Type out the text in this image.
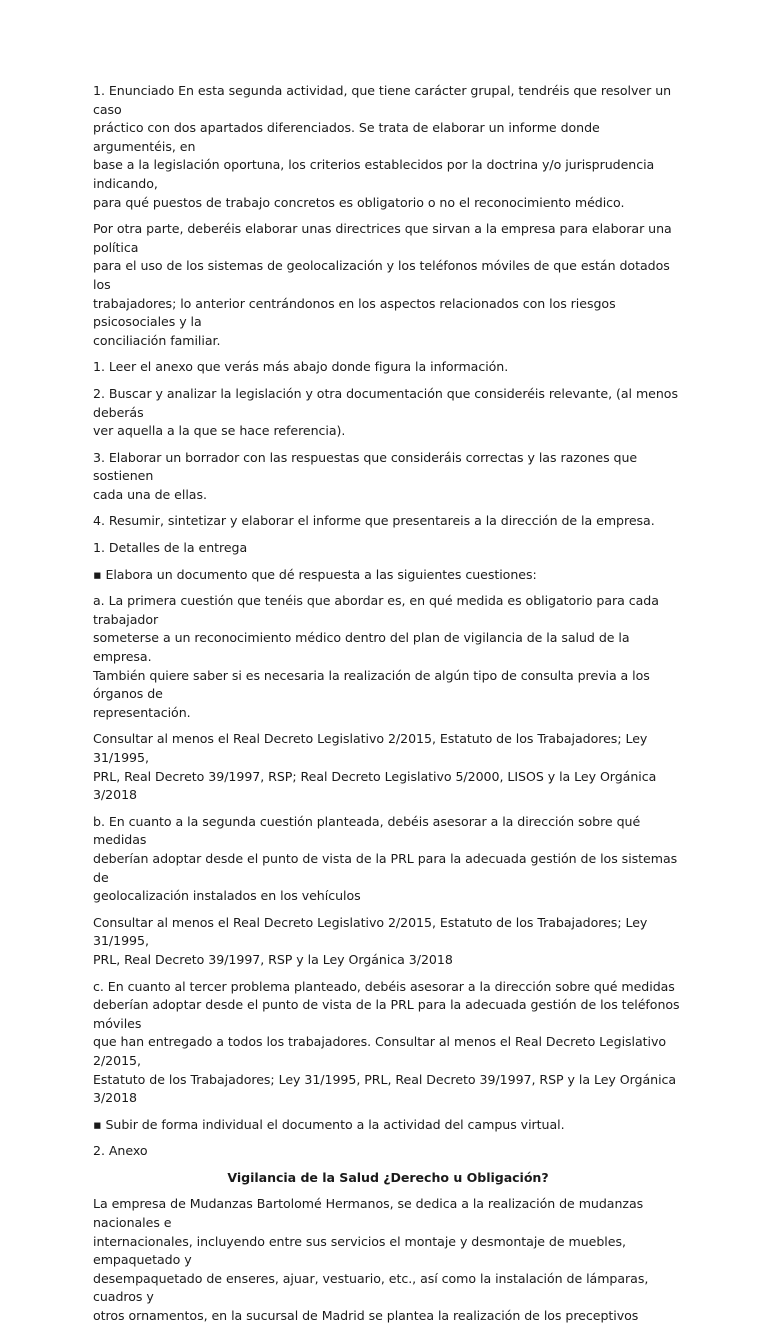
1. Enunciado En esta segunda actividad, que tiene carácter grupal, tendréis que resolver un caso
práctico con dos apartados diferenciados. Se trata de elaborar un informe donde argumentéis, en
base a la legislación oportuna, los criterios establecidos por la doctrina y/o jurisprudencia indicando,
para qué puestos de trabajo concretos es obligatorio o no el reconocimiento médico.

Por otra parte, deberéis elaborar unas directrices que sirvan a la empresa para elaborar una política
para el uso de los sistemas de geolocalización y los teléfonos móviles de que están dotados los
trabajadores; lo anterior centrándonos en los aspectos relacionados con los riesgos psicosociales y la
conciliación familiar.

1. Leer el anexo que verás más abajo donde figura la información.

2. Buscar y analizar la legislación y otra documentación que consideréis relevante, (al menos deberás
ver aquella a la que se hace referencia).

3. Elaborar un borrador con las respuestas que consideráis correctas y las razones que sostienen
cada una de ellas.

4. Resumir, sintetizar y elaborar el informe que presentareis a la dirección de la empresa.

1. Detalles de la entrega

▪ Elabora un documento que dé respuesta a las siguientes cuestiones:

a. La primera cuestión que tenéis que abordar es, en qué medida es obligatorio para cada trabajador
someterse a un reconocimiento médico dentro del plan de vigilancia de la salud de la empresa.
También quiere saber si es necesaria la realización de algún tipo de consulta previa a los órganos de
representación.

Consultar al menos el Real Decreto Legislativo 2/2015, Estatuto de los Trabajadores; Ley 31/1995,
PRL, Real Decreto 39/1997, RSP; Real Decreto Legislativo 5/2000, LISOS y la Ley Orgánica 3/2018

b. En cuanto a la segunda cuestión planteada, debéis asesorar a la dirección sobre qué medidas
deberían adoptar desde el punto de vista de la PRL para la adecuada gestión de los sistemas de
geolocalización instalados en los vehículos

Consultar al menos el Real Decreto Legislativo 2/2015, Estatuto de los Trabajadores; Ley 31/1995,
PRL, Real Decreto 39/1997, RSP y la Ley Orgánica 3/2018

c. En cuanto al tercer problema planteado, debéis asesorar a la dirección sobre qué medidas
deberían adoptar desde el punto de vista de la PRL para la adecuada gestión de los teléfonos móviles
que han entregado a todos los trabajadores. Consultar al menos el Real Decreto Legislativo 2/2015,
Estatuto de los Trabajadores; Ley 31/1995, PRL, Real Decreto 39/1997, RSP y la Ley Orgánica 3/2018

▪ Subir de forma individual el documento a la actividad del campus virtual.

2. Anexo

Vigilancia de la Salud ¿Derecho u Obligación?

La empresa de Mudanzas Bartolomé Hermanos, se dedica a la realización de mudanzas nacionales e
internacionales, incluyendo entre sus servicios el montaje y desmontaje de muebles, empaquetado y
desempaquetado de enseres, ajuar, vestuario, etc., así como la instalación de lámparas, cuadros y
otros ornamentos, en la sucursal de Madrid se plantea la realización de los preceptivos
